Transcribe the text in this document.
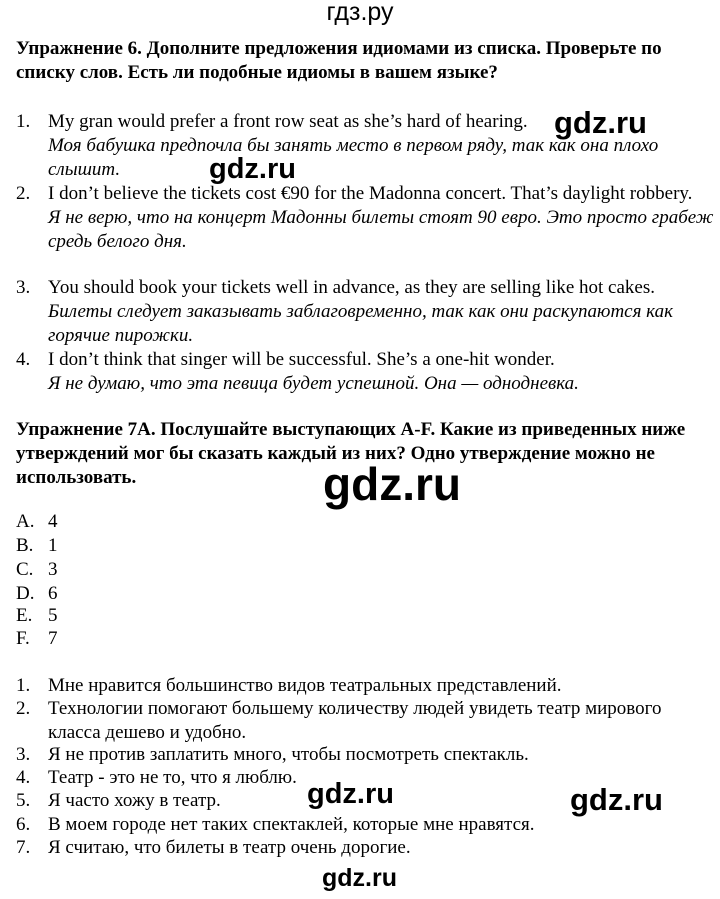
гдз.ру

Упражнение 6. Дополните предложения идиомами из списка. Проверьте по списку слов. Есть ли подобные идиомы в вашем языке?

1. My gran would prefer a front row seat as she’s hard of hearing.
Моя бабушка предпочла бы занять место в первом ряду, так как она плохо слышит.
2. I don’t believe the tickets cost €90 for the Madonna concert. That’s daylight robbery.
Я не верю, что на концерт Мадонны билеты стоят 90 евро. Это просто грабеж средь белого дня.
3. You should book your tickets well in advance, as they are selling like hot cakes.
Билеты следует заказывать заблаговременно, так как они раскупаются как горячие пирожки.
4. I don’t think that singer will be successful. She’s a one-hit wonder.
Я не думаю, что эта певица будет успешной. Она — однодневка.

Упражнение 7A. Послушайте выступающих A-F. Какие из приведенных ниже утверждений мог бы сказать каждый из них? Одно утверждение можно не использовать.

A. 4
B. 1
C. 3
D. 6
E. 5
F. 7
1. Мне нравится большинство видов театральных представлений.
2. Технологии помогают большему количеству людей увидеть театр мирового класса дешево и удобно.
3. Я не против заплатить много, чтобы посмотреть спектакль.
4. Театр - это не то, что я люблю.
5. Я часто хожу в театр.
6. В моем городе нет таких спектаклей, которые мне нравятся.
7. Я считаю, что билеты в театр очень дорогие.
gdz.ru
gdz.ru
gdz.ru
gdz.ru	gdz.ru
gdz.ru
